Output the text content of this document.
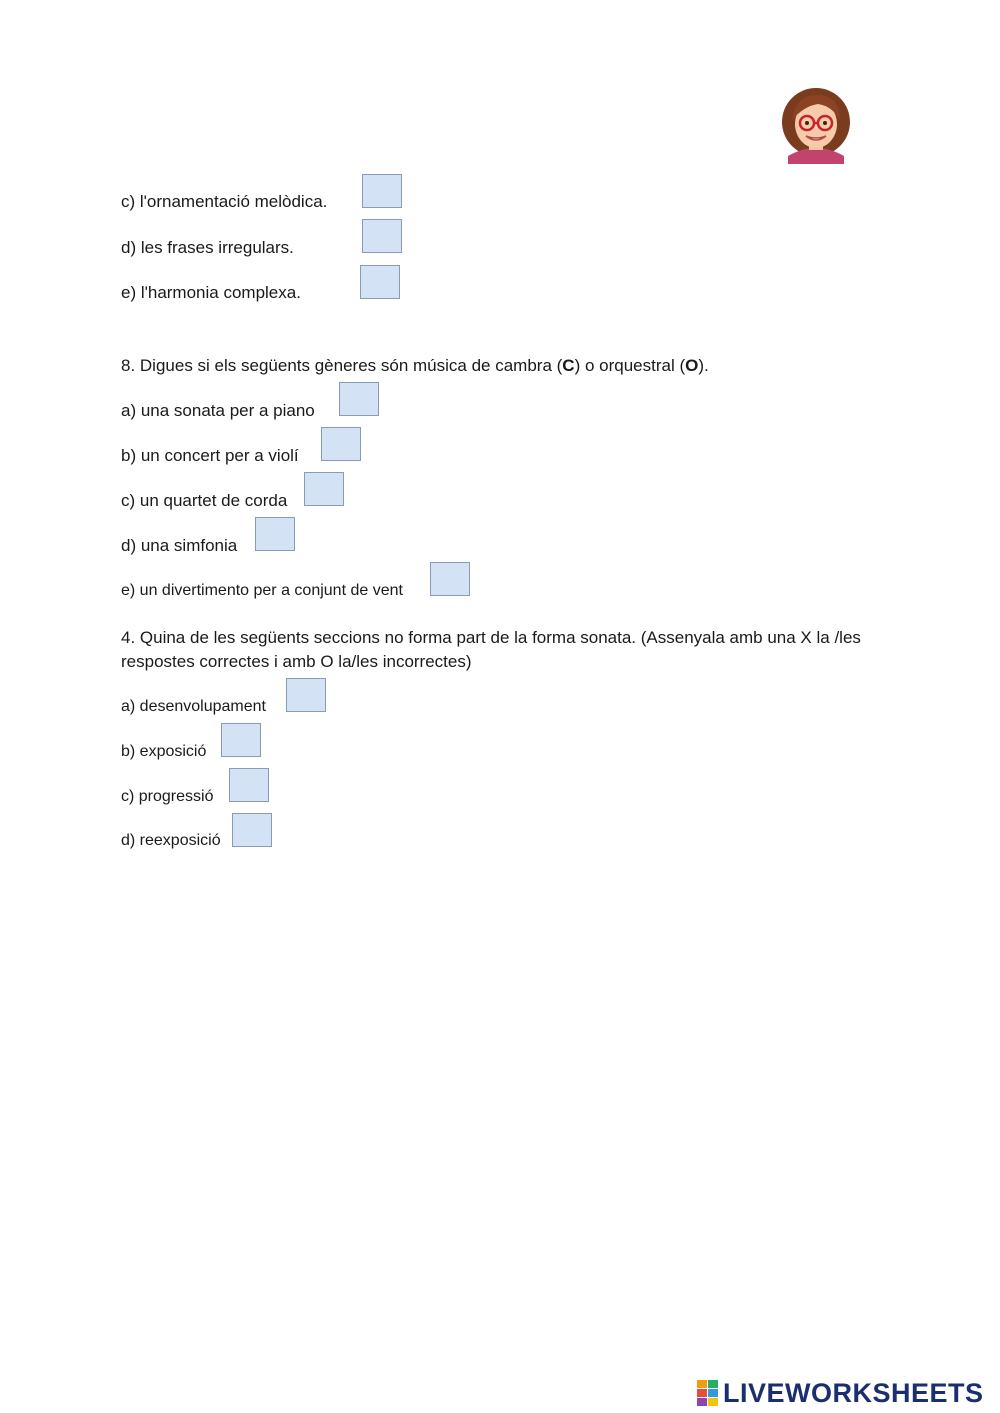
c) l'ornamentació melòdica.
d) les frases irregulars.
e) l'harmonia complexa.
8. Digues si els següents gèneres són música de cambra (C) o orquestral (O).
a) una sonata per a piano
b) un concert per a violí
c) un quartet de corda
d) una simfonia
e) un divertimento per a conjunt de vent
4. Quina de les següents seccions no forma part de la forma sonata. (Assenyala amb una X la /les respostes correctes i amb O la/les incorrectes)
a) desenvolupament
b) exposició
c) progressió
d) reexposició
LIVEWORKSHEETS
